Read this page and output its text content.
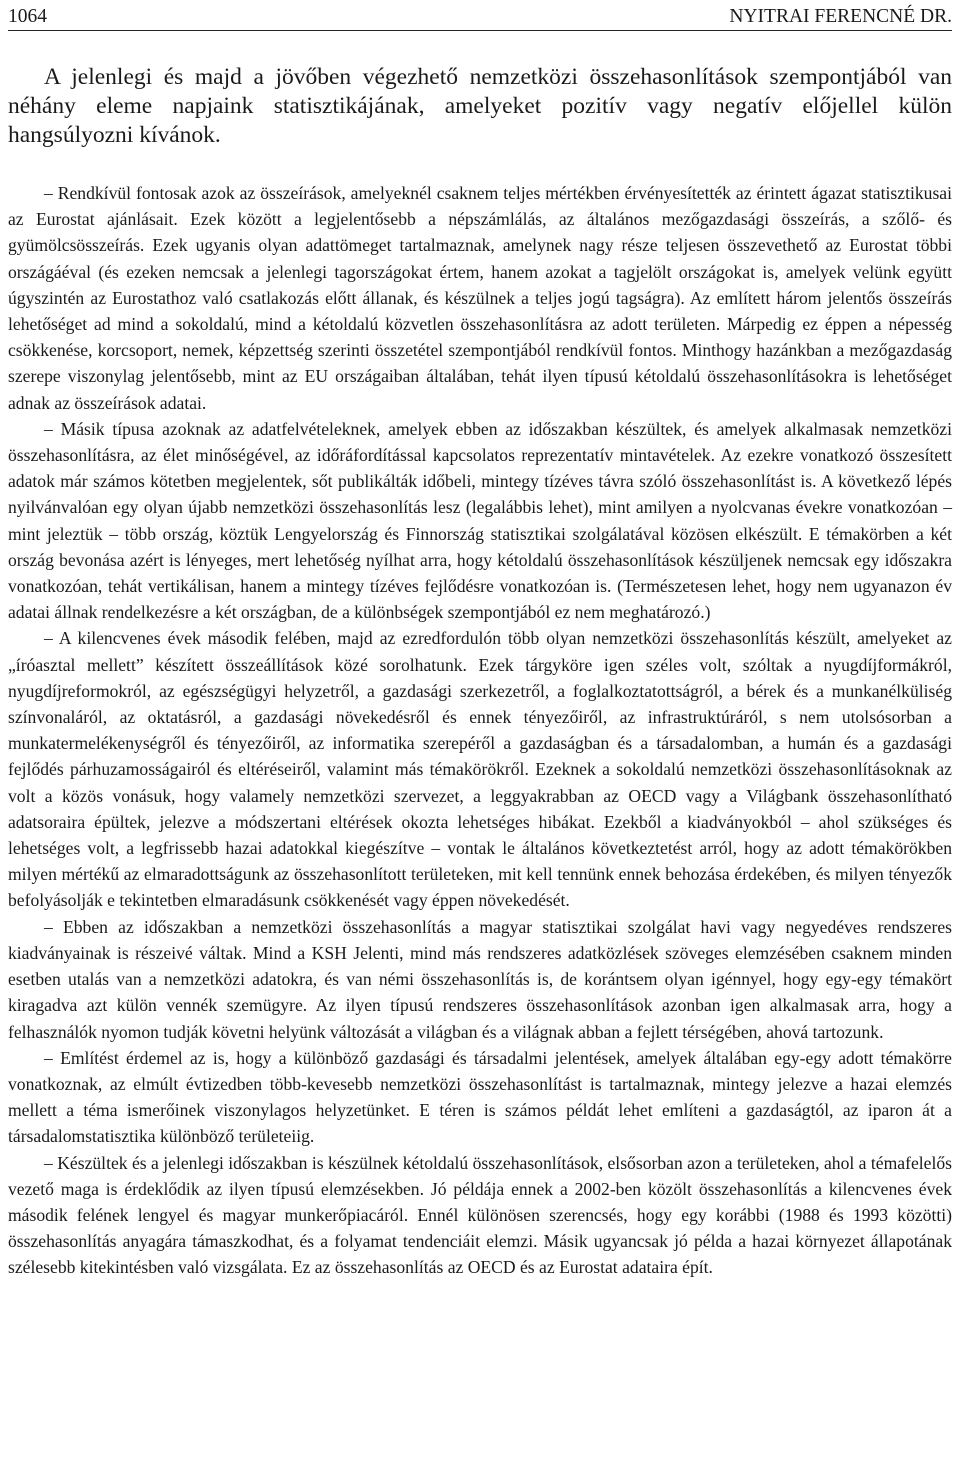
1064	NYITRAI FERENCNÉ DR.

A jelenlegi és majd a jövőben végezhető nemzetközi összehasonlítások szempontjából van néhány eleme napjaink statisztikájának, amelyeket pozitív vagy negatív előjellel külön hangsúlyozni kívánok.

– Rendkívül fontosak azok az összeírások, amelyeknél csaknem teljes mértékben érvényesítették az érintett ágazat statisztikusai az Eurostat ajánlásait. Ezek között a legjelentősebb a népszámlálás, az általános mezőgazdasági összeírás, a szőlő- és gyümölcsösszeírás. Ezek ugyanis olyan adattömeget tartalmaznak, amelynek nagy része teljesen összevethető az Eurostat többi országáéval (és ezeken nemcsak a jelenlegi tagországokat értem, hanem azokat a tagjelölt országokat is, amelyek velünk együtt úgyszintén az Eurostathoz való csatlakozás előtt állanak, és készülnek a teljes jogú tagságra). Az említett három jelentős összeírás lehetőséget ad mind a sokoldalú, mind a kétoldalú közvetlen összehasonlításra az adott területen. Márpedig ez éppen a népesség csökkenése, korcsoport, nemek, képzettség szerinti összetétel szempontjából rendkívül fontos. Minthogy hazánkban a mezőgazdaság szerepe viszonylag jelentősebb, mint az EU országaiban általában, tehát ilyen típusú kétoldalú összehasonlításokra is lehetőséget adnak az összeírások adatai.

– Másik típusa azoknak az adatfelvételeknek, amelyek ebben az időszakban készültek, és amelyek alkalmasak nemzetközi összehasonlításra, az élet minőségével, az időráfordítással kapcsolatos reprezentatív mintavételek. Az ezekre vonatkozó összesített adatok már számos kötetben megjelentek, sőt publikálták időbeli, mintegy tízéves távra szóló összehasonlítást is. A következő lépés nyilvánvalóan egy olyan újabb nemzetközi összehasonlítás lesz (legalábbis lehet), mint amilyen a nyolcvanas évekre vonatkozóan – mint jeleztük – több ország, köztük Lengyelország és Finnország statisztikai szolgálatával közösen elkészült. E témakörben a két ország bevonása azért is lényeges, mert lehetőség nyílhat arra, hogy kétoldalú összehasonlítások készüljenek nemcsak egy időszakra vonatkozóan, tehát vertikálisan, hanem a mintegy tízéves fejlődésre vonatkozóan is. (Természetesen lehet, hogy nem ugyanazon év adatai állnak rendelkezésre a két országban, de a különbségek szempontjából ez nem meghatározó.)

– A kilencvenes évek második felében, majd az ezredfordulón több olyan nemzetközi összehasonlítás készült, amelyeket az „íróasztal mellett” készített összeállítások közé sorolhatunk. Ezek tárgyköre igen széles volt, szóltak a nyugdíjformákról, nyugdíjreformokról, az egészségügyi helyzetről, a gazdasági szerkezetről, a foglalkoztatottságról, a bérek és a munkanélküliség színvonaláról, az oktatásról, a gazdasági növekedésről és ennek tényezőiről, az infrastruktúráról, s nem utolsósorban a munkatermelékenységről és tényezőiről, az informatika szerepéről a gazdaságban és a társadalomban, a humán és a gazdasági fejlődés párhuzamosságairól és eltéréseiről, valamint más témakörökről. Ezeknek a sokoldalú nemzetközi összehasonlításoknak az volt a közös vonásuk, hogy valamely nemzetközi szervezet, a leggyakrabban az OECD vagy a Világbank összehasonlítható adatsoraira épültek, jelezve a módszertani eltérések okozta lehetséges hibákat. Ezekből a kiadványokból – ahol szükséges és lehetséges volt, a legfrissebb hazai adatokkal kiegészítve – vontak le általános következtetést arról, hogy az adott témakörökben milyen mértékű az elmaradottságunk az összehasonlított területeken, mit kell tennünk ennek behozása érdekében, és milyen tényezők befolyásolják e tekintetben elmaradásunk csökkenését vagy éppen növekedését.

– Ebben az időszakban a nemzetközi összehasonlítás a magyar statisztikai szolgálat havi vagy negyedéves rendszeres kiadványainak is részeivé váltak. Mind a KSH Jelenti, mind más rendszeres adatközlések szöveges elemzésében csaknem minden esetben utalás van a nemzetközi adatokra, és van némi összehasonlítás is, de korántsem olyan igénnyel, hogy egy-egy témakört kiragadva azt külön vennék szemügyre. Az ilyen típusú rendszeres összehasonlítások azonban igen alkalmasak arra, hogy a felhasználók nyomon tudják követni helyünk változását a világban és a világnak abban a fejlett térségében, ahová tartozunk.

– Említést érdemel az is, hogy a különböző gazdasági és társadalmi jelentések, amelyek általában egy-egy adott témakörre vonatkoznak, az elmúlt évtizedben több-kevesebb nemzetközi összehasonlítást is tartalmaznak, mintegy jelezve a hazai elemzés mellett a téma ismerőinek viszonylagos helyzetünket. E téren is számos példát lehet említeni a gazdaságtól, az iparon át a társadalomstatisztika különböző területeiig.

– Készültek és a jelenlegi időszakban is készülnek kétoldalú összehasonlítások, elsősorban azon a területeken, ahol a témafelelős vezető maga is érdeklődik az ilyen típusú elemzésekben. Jó példája ennek a 2002-ben közölt összehasonlítás a kilencvenes évek második felének lengyel és magyar munkerőpiacáról. Ennél különösen szerencsés, hogy egy korábbi (1988 és 1993 közötti) összehasonlítás anyagára támaszkodhat, és a folyamat tendenciáit elemzi. Másik ugyancsak jó példa a hazai környezet állapotának szélesebb kitekintésben való vizsgálata. Ez az összehasonlítás az OECD és az Eurostat adataira épít.
